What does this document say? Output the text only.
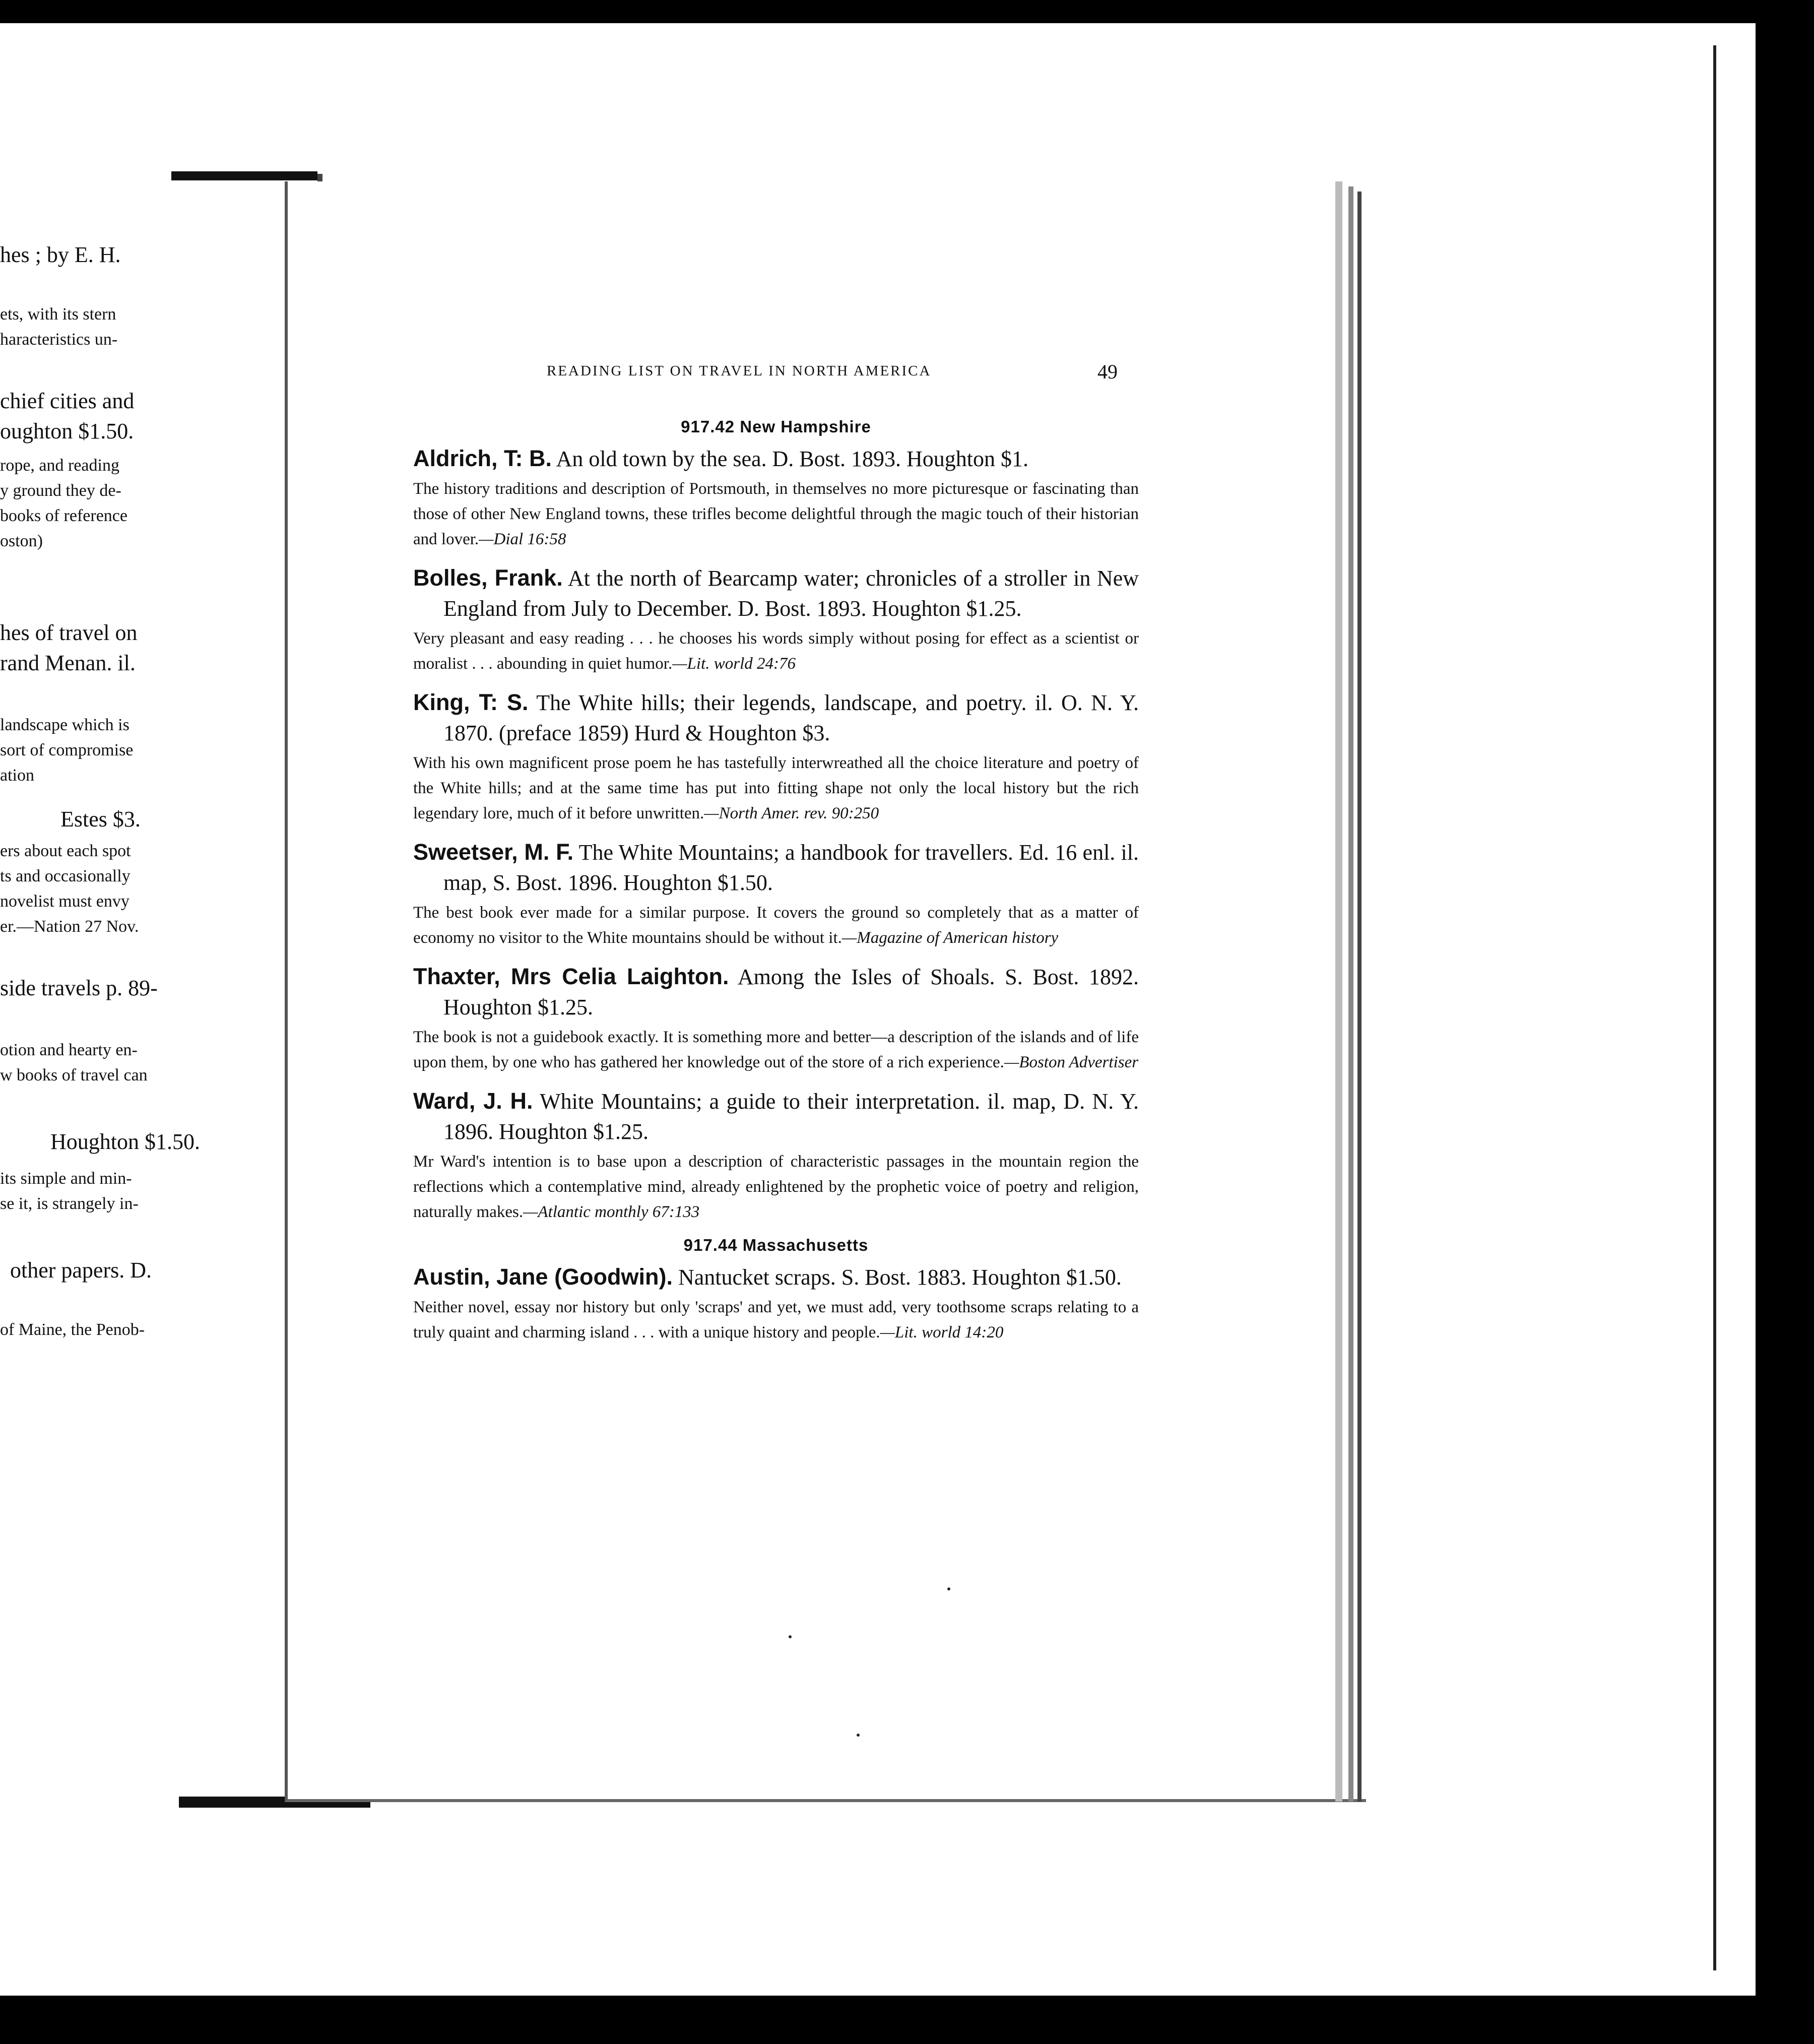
hes ; by E. H.
ets, with its stern
haracteristics un-
chief cities and
oughton $1.50.
rope, and reading
y ground they de-
books of reference
oston)
hes of travel on
rand Menan. il.
landscape which is
sort of compromise
ation
Estes $3.
ers about each spot
ts and occasionally
novelist must envy
er.—Nation 27 Nov.
side travels p. 89-
otion and hearty en-
w books of travel can
Houghton $1.50.
its simple and min-
se it, is strangely in-
other papers. D.
of Maine, the Penob-
READING LIST ON TRAVEL IN NORTH AMERICA	49
917.42 New Hampshire

Aldrich, T: B. An old town by the sea. D. Bost. 1893. Houghton $1.

The history traditions and description of Portsmouth, in themselves no more picturesque or fascinating than those of other New England towns, these trifles become delightful through the magic touch of their historian and lover.—Dial 16:58

Bolles, Frank. At the north of Bearcamp water; chronicles of a stroller in New England from July to December. D. Bost. 1893. Houghton $1.25.

Very pleasant and easy reading . . . he chooses his words simply without posing for effect as a scientist or moralist . . . abounding in quiet humor.—Lit. world 24:76

King, T: S. The White hills; their legends, landscape, and poetry. il. O. N. Y. 1870. (preface 1859) Hurd & Houghton $3.

With his own magnificent prose poem he has tastefully interwreathed all the choice literature and poetry of the White hills; and at the same time has put into fitting shape not only the local history but the rich legendary lore, much of it before unwritten.—North Amer. rev. 90:250

Sweetser, M. F. The White Mountains; a handbook for travellers. Ed. 16 enl. il. map, S. Bost. 1896. Houghton $1.50.

The best book ever made for a similar purpose. It covers the ground so completely that as a matter of economy no visitor to the White mountains should be without it.—Magazine of American history

Thaxter, Mrs Celia Laighton. Among the Isles of Shoals. S. Bost. 1892. Houghton $1.25.

The book is not a guidebook exactly. It is something more and better—a description of the islands and of life upon them, by one who has gathered her knowledge out of the store of a rich experience.—Boston Advertiser

Ward, J. H. White Mountains; a guide to their interpretation. il. map, D. N. Y. 1896. Houghton $1.25.

Mr Ward's intention is to base upon a description of characteristic passages in the mountain region the reflections which a contemplative mind, already enlightened by the prophetic voice of poetry and religion, naturally makes.—Atlantic monthly 67:133

917.44 Massachusetts

Austin, Jane (Goodwin). Nantucket scraps. S. Bost. 1883. Houghton $1.50.

Neither novel, essay nor history but only 'scraps' and yet, we must add, very toothsome scraps relating to a truly quaint and charming island . . . with a unique history and people.—Lit. world 14:20
